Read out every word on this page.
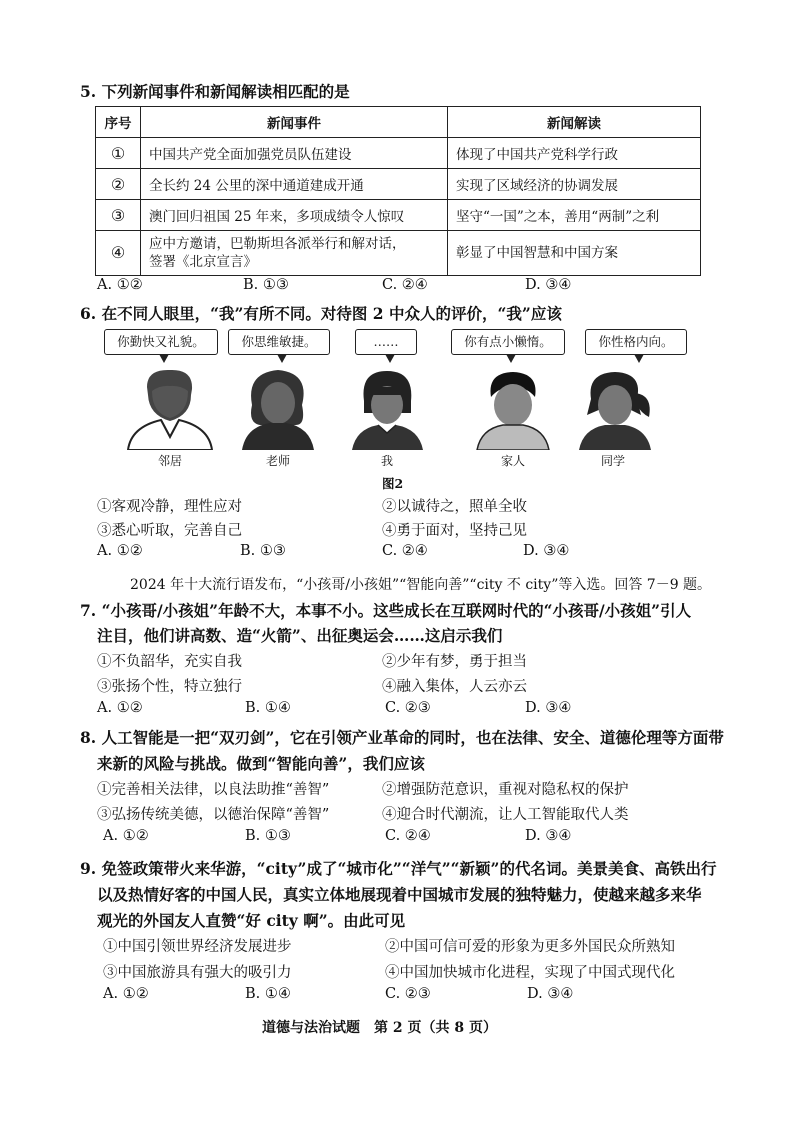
5. 下列新闻事件和新闻解读相匹配的是
序号	新闻事件	新闻解读
①	中国共产党全面加强党员队伍建设	体现了中国共产党科学行政
②	全长约 24 公里的深中通道建成开通	实现了区域经济的协调发展
③	澳门回归祖国 25 年来，多项成绩令人惊叹	坚守“一国”之本，善用“两制”之利
④	应中方邀请，巴勒斯坦各派举行和解对话，
签署《北京宣言》	彰显了中国智慧和中国方案
A. ①②	B. ①③	C. ②④	D. ③④
6. 在不同人眼里，“我”有所不同。对待图 2 中众人的评价，“我”应该
你勤快又礼貌。	你思维敏捷。	……	你有点小懒惰。	你性格内向。
邻居	老师	我	家人	同学
图2
①客观冷静，理性应对	②以诚待之，照单全收
③悉心听取，完善自己	④勇于面对，坚持己见
A. ①②	B. ①③	C. ②④	D. ③④
2024 年十大流行语发布，“小孩哥/小孩姐”“智能向善”“city 不 city”等入选。回答 7－9 题。
7. “小孩哥/小孩姐”年龄不大，本事不小。这些成长在互联网时代的“小孩哥/小孩姐”引人
注目，他们讲高数、造“火箭”、出征奥运会……这启示我们
①不负韶华，充实自我	②少年有梦，勇于担当
③张扬个性，特立独行	④融入集体，人云亦云
A. ①②	B. ①④	C. ②③	D. ③④
8. 人工智能是一把“双刃剑”，它在引领产业革命的同时，也在法律、安全、道德伦理等方面带
来新的风险与挑战。做到“智能向善”，我们应该
①完善相关法律，以良法助推“善智”	②增强防范意识，重视对隐私权的保护
③弘扬传统美德，以德治保障“善智”	④迎合时代潮流，让人工智能取代人类
A. ①②	B. ①③	C. ②④	D. ③④
9. 免签政策带火来华游，“city”成了“城市化”“洋气”“新颖”的代名词。美景美食、高铁出行
以及热情好客的中国人民，真实立体地展现着中国城市发展的独特魅力，使越来越多来华
观光的外国友人直赞“好 city 啊”。由此可见
①中国引领世界经济发展进步	②中国可信可爱的形象为更多外国民众所熟知
③中国旅游具有强大的吸引力	④中国加快城市化进程，实现了中国式现代化
A. ①②	B. ①④	C. ②③	D. ③④
道德与法治试题　第 2 页（共 8 页）
